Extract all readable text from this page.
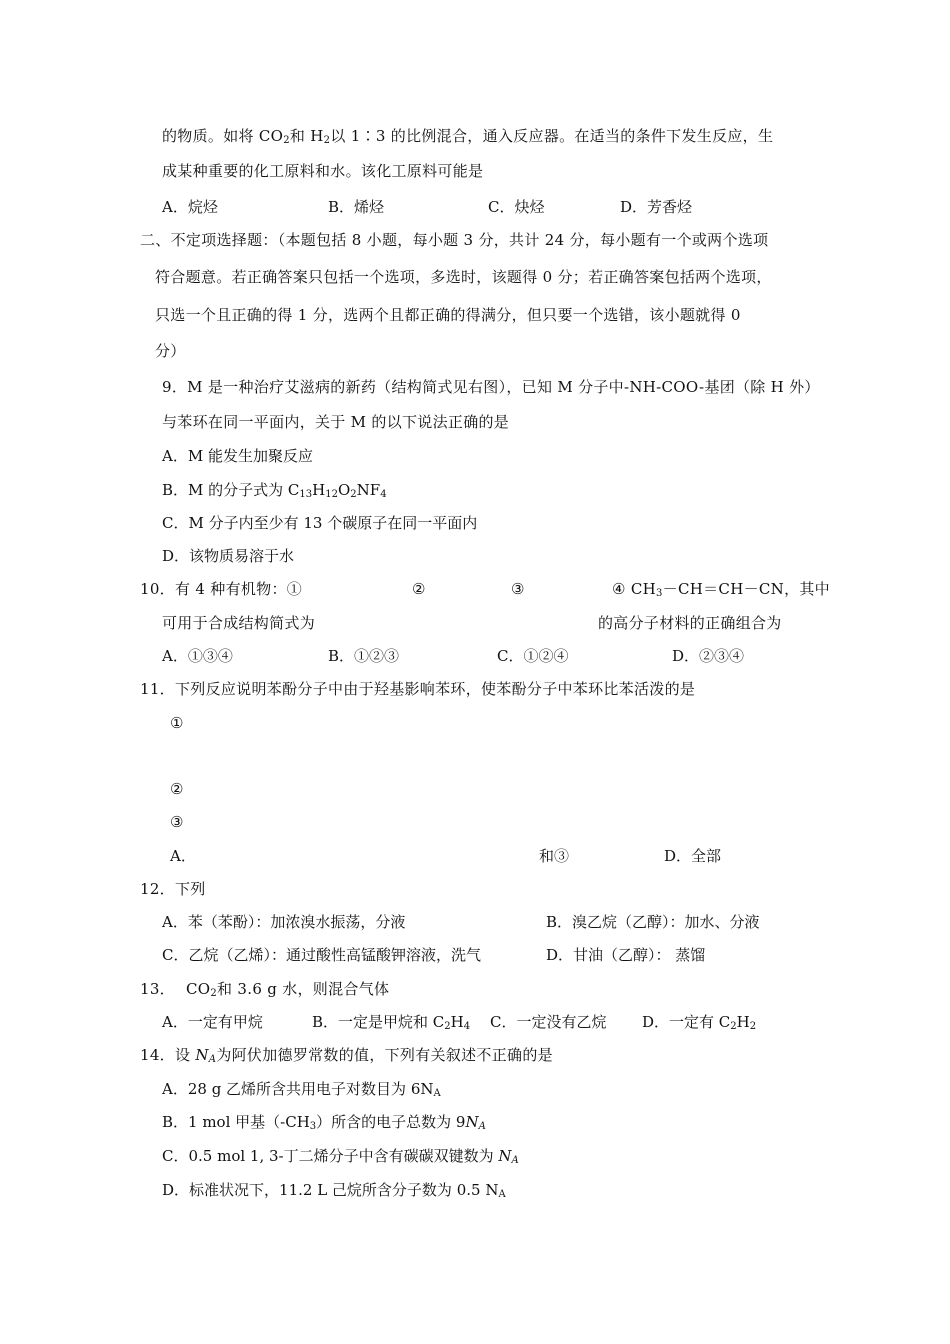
的物质。如将 $CO_2$和 $H_2$以 1∶3 的比例混合，通入反应器。在适当的条件下发生反应，生
成某种重要的化工原料和水。该化工原料可能是
A．烷烃	B．烯烃	C．炔烃	D．芳香烃
二、不定项选择题：（本题包括 8 小题，每小题 3 分，共计 24 分，每小题有一个或两个选项
符合题意。若正确答案只包括一个选项，多选时，该题得 0 分；若正确答案包括两个选项，
只选一个且正确的得 1 分，选两个且都正确的得满分，但只要一个选错，该小题就得 0
分）
9．M 是一种治疗艾滋病的新药（结构简式见右图），已知 M 分子中-NH-COO-基团（除 H 外）
与苯环在同一平面内，关于 M 的以下说法正确的是
A．M 能发生加聚反应
B．M 的分子式为 $C_{13}H_{12}O_2NF_4$
C．M 分子内至少有 13 个碳原子在同一平面内
D．该物质易溶于水
10．有 4 种有机物：①	②	③	④ $CH_3-CH=CH-CN$，其中
可用于合成结构简式为	的高分子材料的正确组合为
A．①③④	B．①②③	C．①②④	D．②③④
11．下列反应说明苯酚分子中由于羟基影响苯环，使苯酚分子中苯环比苯活泼的是
①
②
③
A．	和③	D．全部
12．下列
A．苯（苯酚）：加浓溴水振荡，分液	B．溴乙烷（乙醇）：加水、分液
C．乙烷（乙烯）：通过酸性高锰酸钾溶液，洗气	D．甘油（乙醇）： 蒸馏
13． $CO_2$和 3.6 g 水，则混合气体
A．一定有甲烷	B．一定是甲烷和 $C_2H_4$ C．一定没有乙烷 D．一定有 $C_2H_2$
14．设 $N_A$为阿伏加德罗常数的值，下列有关叙述不正确的是
A．28 g 乙烯所含共用电子对数目为 $6N_A$
B．1 mol 甲基$(-CH_3)$所含的电子总数为 $9N_A$
C．0.5 mol 1, 3-丁二烯分子中含有碳碳双键数为 $N_A$
D．标准状况下，11.2 L 己烷所含分子数为 0.5 $N_A$
